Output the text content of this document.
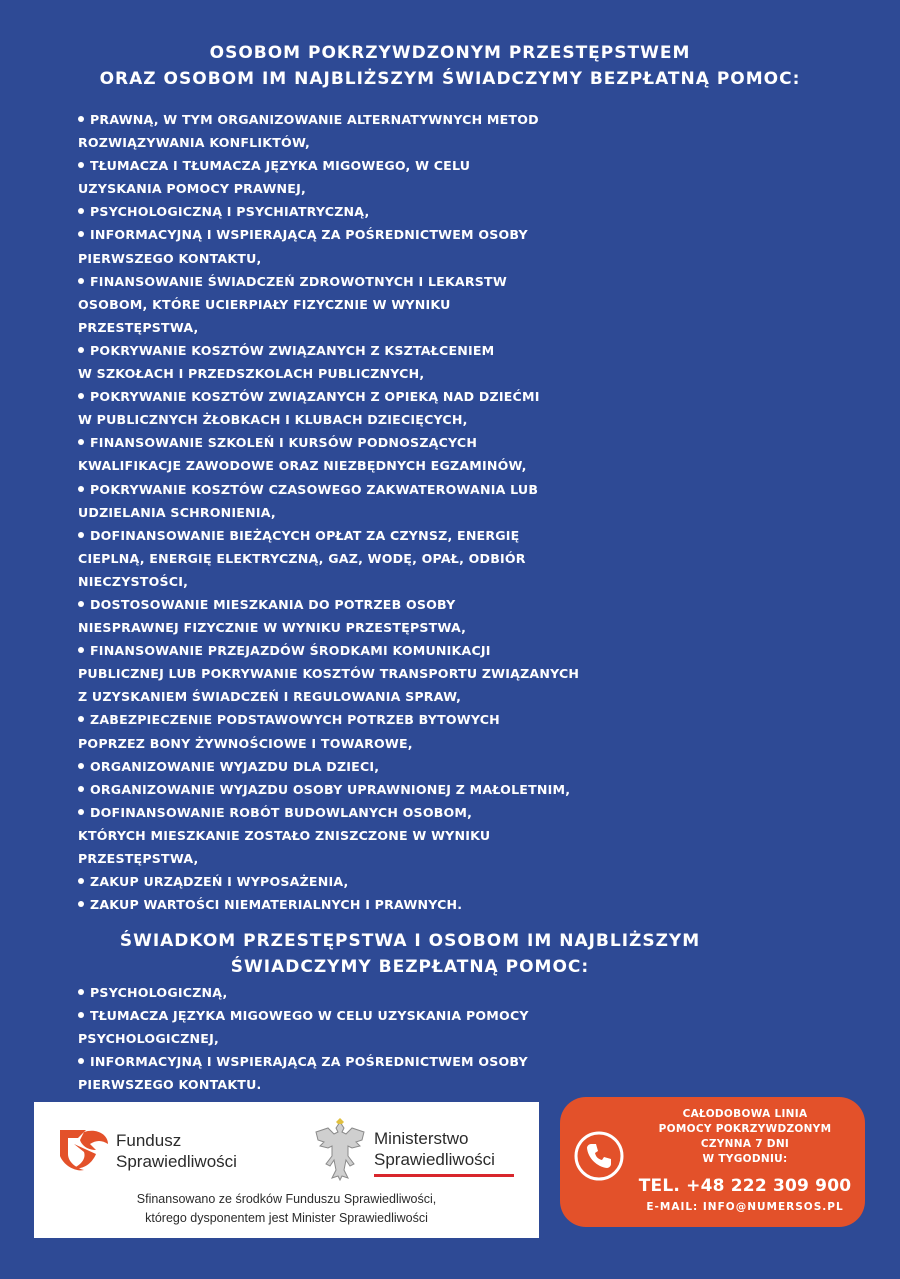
OSOBOM POKRZYWDZONYM PRZESTĘPSTWEM
ORAZ OSOBOM IM NAJBLIŻSZYM ŚWIADCZYMY BEZPŁATNĄ POMOC:
PRAWNĄ, W TYM ORGANIZOWANIE ALTERNATYWNYCH METOD
ROZWIĄZYWANIA KONFLIKTÓW,
TŁUMACZA I TŁUMACZA JĘZYKA MIGOWEGO, W CELU
UZYSKANIA POMOCY PRAWNEJ,
PSYCHOLOGICZNĄ I PSYCHIATRYCZNĄ,
INFORMACYJNĄ I WSPIERAJĄCĄ ZA POŚREDNICTWEM OSOBY
PIERWSZEGO KONTAKTU,
FINANSOWANIE ŚWIADCZEŃ ZDROWOTNYCH I LEKARSTW
OSOBOM, KTÓRE UCIERPIAŁY FIZYCZNIE W WYNIKU
PRZESTĘPSTWA,
POKRYWANIE KOSZTÓW ZWIĄZANYCH Z KSZTAŁCENIEM
W SZKOŁACH I PRZEDSZKOLACH PUBLICZNYCH,
POKRYWANIE KOSZTÓW ZWIĄZANYCH Z OPIEKĄ NAD DZIEĆMI
W PUBLICZNYCH ŻŁOBKACH I KLUBACH DZIECIĘCYCH,
FINANSOWANIE SZKOLEŃ I KURSÓW PODNOSZĄCYCH
KWALIFIKACJE ZAWODOWE ORAZ NIEZBĘDNYCH EGZAMINÓW,
POKRYWANIE KOSZTÓW CZASOWEGO ZAKWATEROWANIA LUB
UDZIELANIA SCHRONIENIA,
DOFINANSOWANIE BIEŻĄCYCH OPŁAT ZA CZYNSZ, ENERGIĘ
CIEPLNĄ, ENERGIĘ ELEKTRYCZNĄ, GAZ, WODĘ, OPAŁ, ODBIÓR
NIECZYSTOŚCI,
DOSTOSOWANIE MIESZKANIA DO POTRZEB OSOBY
NIESPRAWNEJ FIZYCZNIE W WYNIKU PRZESTĘPSTWA,
FINANSOWANIE PRZEJAZDÓW ŚRODKAMI KOMUNIKACJI
PUBLICZNEJ LUB POKRYWANIE KOSZTÓW TRANSPORTU ZWIĄZANYCH
Z UZYSKANIEM ŚWIADCZEŃ I REGULOWANIA SPRAW,
ZABEZPIECZENIE PODSTAWOWYCH POTRZEB BYTOWYCH
POPRZEZ BONY ŻYWNOŚCIOWE I TOWAROWE,
ORGANIZOWANIE WYJAZDU DLA DZIECI,
ORGANIZOWANIE WYJAZDU OSOBY UPRAWNIONEJ Z MAŁOLETNIM,
DOFINANSOWANIE ROBÓT BUDOWLANYCH OSOBOM,
KTÓRYCH MIESZKANIE ZOSTAŁO ZNISZCZONE W WYNIKU
PRZESTĘPSTWA,
ZAKUP URZĄDZEŃ I WYPOSAŻENIA,
ZAKUP WARTOŚCI NIEMATERIALNYCH I PRAWNYCH.
ŚWIADKOM PRZESTĘPSTWA I OSOBOM IM NAJBLIŻSZYM
ŚWIADCZYMY BEZPŁATNĄ POMOC:
PSYCHOLOGICZNĄ,
TŁUMACZA JĘZYKA MIGOWEGO W CELU UZYSKANIA POMOCY
PSYCHOLOGICZNEJ,
INFORMACYJNĄ I WSPIERAJĄCĄ ZA POŚREDNICTWEM OSOBY
PIERWSZEGO KONTAKTU.
Fundusz
Sprawiedliwości
Ministerstwo
Sprawiedliwości
Sfinansowano ze środków Funduszu Sprawiedliwości,
którego dysponentem jest Minister Sprawiedliwości
CAŁODOBOWA LINIA
POMOCY POKRZYWDZONYM
CZYNNA 7 DNI
W TYGODNIU:
TEL. +48 222 309 900
E-MAIL: INFO@NUMERSOS.PL
